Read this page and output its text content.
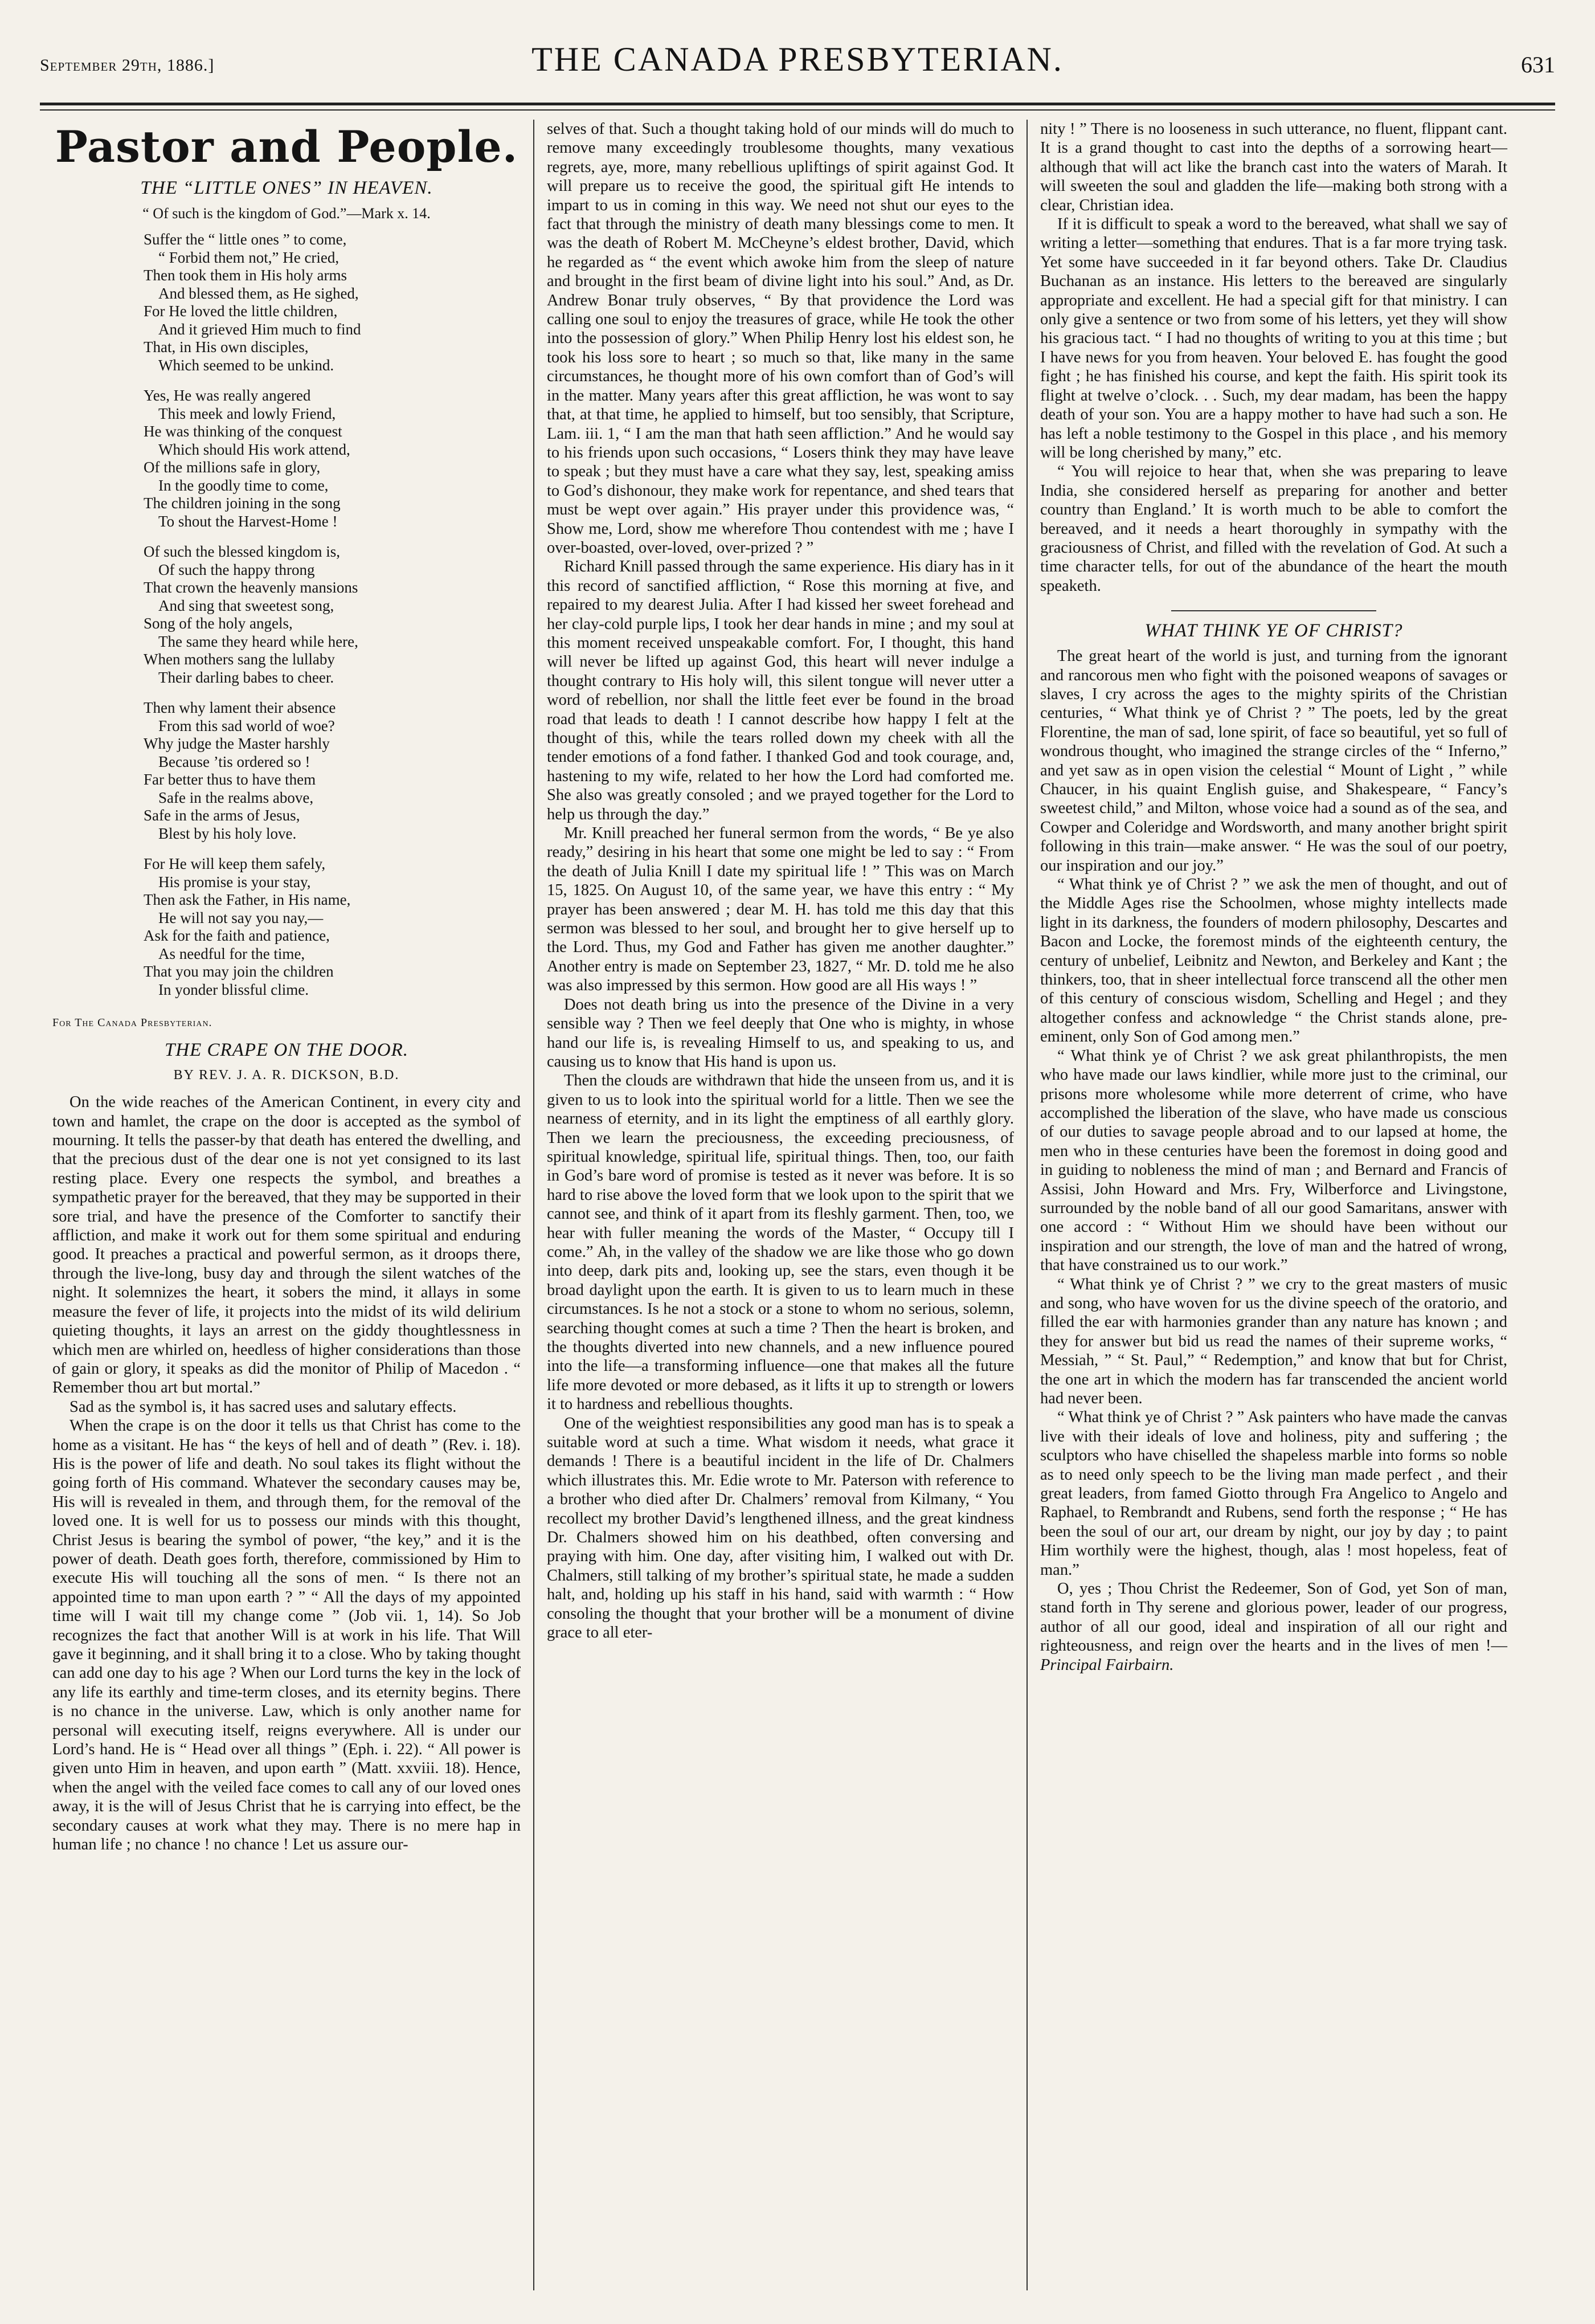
September 29th, 1886.]	THE CANADA PRESBYTERIAN.	631
Pastor and People.
THE “LITTLE ONES” IN HEAVEN.
“ Of such is the kingdom of God.”—Mark x. 14.
Suffer the “ little ones ” to come,
“ Forbid them not,” He cried,
Then took them in His holy arms
And blessed them, as He sighed,
For He loved the little children,
And it grieved Him much to find
That, in His own disciples,
Which seemed to be unkind.
Yes, He was really angered
This meek and lowly Friend,
He was thinking of the conquest
Which should His work attend,
Of the millions safe in glory,
In the goodly time to come,
The children joining in the song
To shout the Harvest-Home !
Of such the blessed kingdom is,
Of such the happy throng
That crown the heavenly mansions
And sing that sweetest song,
Song of the holy angels,
The same they heard while here,
When mothers sang the lullaby
Their darling babes to cheer.
Then why lament their absence
From this sad world of woe?
Why judge the Master harshly
Because ’tis ordered so !
Far better thus to have them
Safe in the realms above,
Safe in the arms of Jesus,
Blest by his holy love.
For He will keep them safely,
His promise is your stay,
Then ask the Father, in His name,
He will not say you nay,—
Ask for the faith and patience,
As needful for the time,
That you may join the children
In yonder blissful clime.
For The Canada Presbyterian.
THE CRAPE ON THE DOOR.
BY REV. J. A. R. DICKSON, B.D.

On the wide reaches of the American Continent, in every city and town and hamlet, the crape on the door is accepted as the symbol of mourning. It tells the passer-by that death has entered the dwelling, and that the precious dust of the dear one is not yet consigned to its last resting place. Every one respects the symbol, and breathes a sympathetic prayer for the bereaved, that they may be supported in their sore trial, and have the presence of the Comforter to sanctify their affliction, and make it work out for them some spiritual and enduring good. It preaches a practical and powerful sermon, as it droops there, through the live-long, busy day and through the silent watches of the night. It solemnizes the heart, it sobers the mind, it allays in some measure the fever of life, it projects into the midst of its wild delirium quieting thoughts, it lays an arrest on the giddy thoughtlessness in which men are whirled on, heedless of higher considerations than those of gain or glory, it speaks as did the monitor of Philip of Macedon . “ Remember thou art but mortal.”

Sad as the symbol is, it has sacred uses and salutary effects.

When the crape is on the door it tells us that Christ has come to the home as a visitant. He has “ the keys of hell and of death ” (Rev. i. 18). His is the power of life and death. No soul takes its flight without the going forth of His command. Whatever the secondary causes may be, His will is revealed in them, and through them, for the removal of the loved one. It is well for us to possess our minds with this thought, Christ Jesus is bearing the symbol of power, “the key,” and it is the power of death. Death goes forth, therefore, commissioned by Him to execute His will touching all the sons of men. “ Is there not an appointed time to man upon earth ? ” “ All the days of my appointed time will I wait till my change come ” (Job vii. 1, 14). So Job recognizes the fact that another Will is at work in his life. That Will gave it beginning, and it shall bring it to a close. Who by taking thought can add one day to his age ? When our Lord turns the key in the lock of any life its earthly and time-term closes, and its eternity begins. There is no chance in the universe. Law, which is only another name for personal will executing itself, reigns everywhere. All is under our Lord’s hand. He is “ Head over all things ” (Eph. i. 22). “ All power is given unto Him in heaven, and upon earth ” (Matt. xxviii. 18). Hence, when the angel with the veiled face comes to call any of our loved ones away, it is the will of Jesus Christ that he is carrying into effect, be the secondary causes at work what they may. There is no mere hap in human life ; no chance ! no chance ! Let us assure our-

selves of that. Such a thought taking hold of our minds will do much to remove many exceedingly troublesome thoughts, many vexatious regrets, aye, more, many rebellious upliftings of spirit against God. It will prepare us to receive the good, the spiritual gift He intends to impart to us in coming in this way. We need not shut our eyes to the fact that through the ministry of death many blessings come to men. It was the death of Robert M. McCheyne’s eldest brother, David, which he regarded as “ the event which awoke him from the sleep of nature and brought in the first beam of divine light into his soul.” And, as Dr. Andrew Bonar truly observes, “ By that providence the Lord was calling one soul to enjoy the treasures of grace, while He took the other into the possession of glory.” When Philip Henry lost his eldest son, he took his loss sore to heart ; so much so that, like many in the same circumstances, he thought more of his own comfort than of God’s will in the matter. Many years after this great affliction, he was wont to say that, at that time, he applied to himself, but too sensibly, that Scripture, Lam. iii. 1, “ I am the man that hath seen affliction.” And he would say to his friends upon such occasions, “ Losers think they may have leave to speak ; but they must have a care what they say, lest, speaking amiss to God’s dishonour, they make work for repentance, and shed tears that must be wept over again.” His prayer under this providence was, “ Show me, Lord, show me wherefore Thou contendest with me ; have I over-boasted, over-loved, over-prized ? ”

Richard Knill passed through the same experience. His diary has in it this record of sanctified affliction, “ Rose this morning at five, and repaired to my dearest Julia. After I had kissed her sweet forehead and her clay-cold purple lips, I took her dear hands in mine ; and my soul at this moment received unspeakable comfort. For, I thought, this hand will never be lifted up against God, this heart will never indulge a thought contrary to His holy will, this silent tongue will never utter a word of rebellion, nor shall the little feet ever be found in the broad road that leads to death ! I cannot describe how happy I felt at the thought of this, while the tears rolled down my cheek with all the tender emotions of a fond father. I thanked God and took courage, and, hastening to my wife, related to her how the Lord had comforted me. She also was greatly consoled ; and we prayed together for the Lord to help us through the day.”

Mr. Knill preached her funeral sermon from the words, “ Be ye also ready,” desiring in his heart that some one might be led to say : “ From the death of Julia Knill I date my spiritual life ! ” This was on March 15, 1825. On August 10, of the same year, we have this entry : “ My prayer has been answered ; dear M. H. has told me this day that this sermon was blessed to her soul, and brought her to give herself up to the Lord. Thus, my God and Father has given me another daughter.” Another entry is made on September 23, 1827, “ Mr. D. told me he also was also impressed by this sermon. How good are all His ways ! ”

Does not death bring us into the presence of the Divine in a very sensible way ? Then we feel deeply that One who is mighty, in whose hand our life is, is revealing Himself to us, and speaking to us, and causing us to know that His hand is upon us.

Then the clouds are withdrawn that hide the unseen from us, and it is given to us to look into the spiritual world for a little. Then we see the nearness of eternity, and in its light the emptiness of all earthly glory. Then we learn the preciousness, the exceeding preciousness, of spiritual knowledge, spiritual life, spiritual things. Then, too, our faith in God’s bare word of promise is tested as it never was before. It is so hard to rise above the loved form that we look upon to the spirit that we cannot see, and think of it apart from its fleshly garment. Then, too, we hear with fuller meaning the words of the Master, “ Occupy till I come.” Ah, in the valley of the shadow we are like those who go down into deep, dark pits and, looking up, see the stars, even though it be broad daylight upon the earth. It is given to us to learn much in these circumstances. Is he not a stock or a stone to whom no serious, solemn, searching thought comes at such a time ? Then the heart is broken, and the thoughts diverted into new channels, and a new influence poured into the life—a transforming influence—one that makes all the future life more devoted or more debased, as it lifts it up to strength or lowers it to hardness and rebellious thoughts.

One of the weightiest responsibilities any good man has is to speak a suitable word at such a time. What wisdom it needs, what grace it demands ! There is a beautiful incident in the life of Dr. Chalmers which illustrates this. Mr. Edie wrote to Mr. Paterson with reference to a brother who died after Dr. Chalmers’ removal from Kilmany, “ You recollect my brother David’s lengthened illness, and the great kindness Dr. Chalmers showed him on his deathbed, often conversing and praying with him. One day, after visiting him, I walked out with Dr. Chalmers, still talking of my brother’s spiritual state, he made a sudden halt, and, holding up his staff in his hand, said with warmth : “ How consoling the thought that your brother will be a monument of divine grace to all eter-

nity ! ” There is no looseness in such utterance, no fluent, flippant cant. It is a grand thought to cast into the depths of a sorrowing heart—although that will act like the branch cast into the waters of Marah. It will sweeten the soul and gladden the life—making both strong with a clear, Christian idea.

If it is difficult to speak a word to the bereaved, what shall we say of writing a letter—something that endures. That is a far more trying task. Yet some have succeeded in it far beyond others. Take Dr. Claudius Buchanan as an instance. His letters to the bereaved are singularly appropriate and excellent. He had a special gift for that ministry. I can only give a sentence or two from some of his letters, yet they will show his gracious tact. “ I had no thoughts of writing to you at this time ; but I have news for you from heaven. Your beloved E. has fought the good fight ; he has finished his course, and kept the faith. His spirit took its flight at twelve o’clock. . . Such, my dear madam, has been the happy death of your son. You are a happy mother to have had such a son. He has left a noble testimony to the Gospel in this place , and his memory will be long cherished by many,” etc.

“ You will rejoice to hear that, when she was preparing to leave India, she considered herself as preparing for another and better country than England.’ It is worth much to be able to comfort the bereaved, and it needs a heart thoroughly in sympathy with the graciousness of Christ, and filled with the revelation of God. At such a time character tells, for out of the abundance of the heart the mouth speaketh.

WHAT THINK YE OF CHRIST?

The great heart of the world is just, and turning from the ignorant and rancorous men who fight with the poisoned weapons of savages or slaves, I cry across the ages to the mighty spirits of the Christian centuries, “ What think ye of Christ ? ” The poets, led by the great Florentine, the man of sad, lone spirit, of face so beautiful, yet so full of wondrous thought, who imagined the strange circles of the “ Inferno,” and yet saw as in open vision the celestial “ Mount of Light , ” while Chaucer, in his quaint English guise, and Shakespeare, “ Fancy’s sweetest child,” and Milton, whose voice had a sound as of the sea, and Cowper and Coleridge and Wordsworth, and many another bright spirit following in this train—make answer. “ He was the soul of our poetry, our inspiration and our joy.”

“ What think ye of Christ ? ” we ask the men of thought, and out of the Middle Ages rise the Schoolmen, whose mighty intellects made light in its darkness, the founders of modern philosophy, Descartes and Bacon and Locke, the foremost minds of the eighteenth century, the century of unbelief, Leibnitz and Newton, and Berkeley and Kant ; the thinkers, too, that in sheer intellectual force transcend all the other men of this century of conscious wisdom, Schelling and Hegel ; and they altogether confess and acknowledge “ the Christ stands alone, pre-eminent, only Son of God among men.”

“ What think ye of Christ ? we ask great philanthropists, the men who have made our laws kindlier, while more just to the criminal, our prisons more wholesome while more deterrent of crime, who have accomplished the liberation of the slave, who have made us conscious of our duties to savage people abroad and to our lapsed at home, the men who in these centuries have been the foremost in doing good and in guiding to nobleness the mind of man ; and Bernard and Francis of Assisi, John Howard and Mrs. Fry, Wilberforce and Livingstone, surrounded by the noble band of all our good Samaritans, answer with one accord : “ Without Him we should have been without our inspiration and our strength, the love of man and the hatred of wrong, that have constrained us to our work.”

“ What think ye of Christ ? ” we cry to the great masters of music and song, who have woven for us the divine speech of the oratorio, and filled the ear with harmonies grander than any nature has known ; and they for answer but bid us read the names of their supreme works, “ Messiah, ” “ St. Paul,” “ Redemption,” and know that but for Christ, the one art in which the modern has far transcended the ancient world had never been.

“ What think ye of Christ ? ” Ask painters who have made the canvas live with their ideals of love and holiness, pity and suffering ; the sculptors who have chiselled the shapeless marble into forms so noble as to need only speech to be the living man made perfect , and their great leaders, from famed Giotto through Fra Angelico to Angelo and Raphael, to Rembrandt and Rubens, send forth the response ; “ He has been the soul of our art, our dream by night, our joy by day ; to paint Him worthily were the highest, though, alas ! most hopeless, feat of man.”

O, yes ; Thou Christ the Redeemer, Son of God, yet Son of man, stand forth in Thy serene and glorious power, leader of our progress, author of all our good, ideal and inspiration of all our right and righteousness, and reign over the hearts and in the lives of men !—Principal Fairbairn.
